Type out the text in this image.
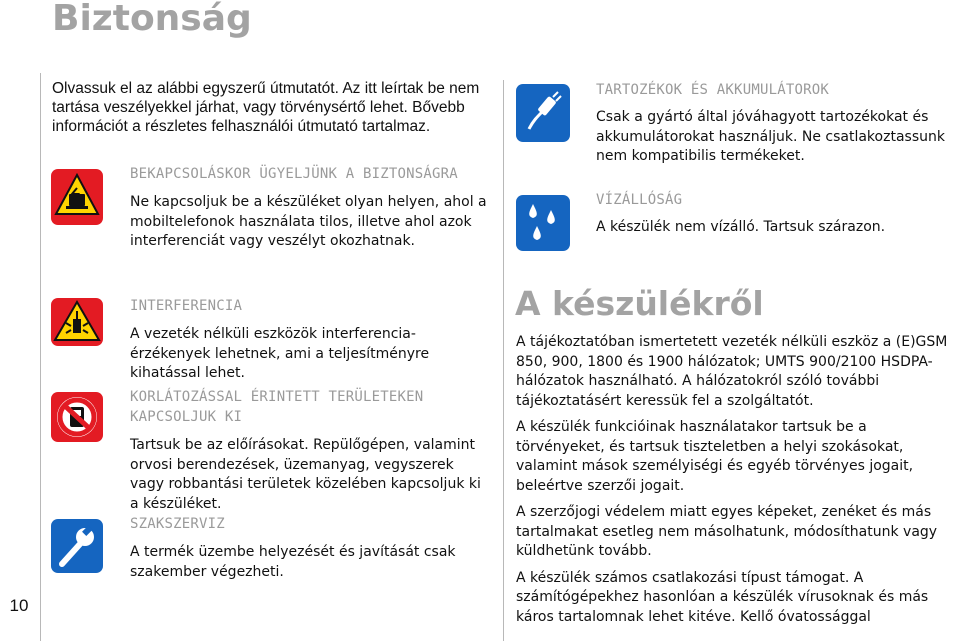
10
Biztonság
Olvassuk el az alábbi egyszerű útmutatót. Az itt leírtak be nem tartása veszélyekkel járhat, vagy törvénysértő lehet. Bővebb információt a részletes felhasználói útmutató tartalmaz.
BEKAPCSOLÁSKOR ÜGYELJÜNK A BIZTONSÁGRA
Ne kapcsoljuk be a készüléket olyan helyen, ahol a mobiltelefonok használata tilos, illetve ahol azok interferenciát vagy veszélyt okozhatnak.
INTERFERENCIA
A vezeték nélküli eszközök interferencia-érzékenyek lehetnek, ami a teljesítményre kihatással lehet.
KORLÁTOZÁSSAL ÉRINTETT TERÜLETEKEN KAPCSOLJUK KI
Tartsuk be az előírásokat. Repülőgépen, valamint orvosi berendezések, üzemanyag, vegyszerek vagy robbantási területek közelében kapcsoljuk ki a készüléket.
SZAKSZERVIZ
A termék üzembe helyezését és javítását csak szakember végezheti.
TARTOZÉKOK ÉS AKKUMULÁTOROK
Csak a gyártó által jóváhagyott tartozékokat és akkumulátorokat használjuk. Ne csatlakoztassunk nem kompatibilis termékeket.
VÍZÁLLÓSÁG
A készülék nem vízálló. Tartsuk szárazon.
A készülékről
A tájékoztatóban ismertetett vezeték nélküli eszköz a (E)GSM 850, 900, 1800 és 1900 hálózatok; UMTS 900/2100 HSDPA-hálózatok használható. A hálózatokról szóló további tájékoztatásért keressük fel a szolgáltatót.
A készülék funkcióinak használatakor tartsuk be a törvényeket, és tartsuk tiszteletben a helyi szokásokat, valamint mások személyiségi és egyéb törvényes jogait, beleértve szerzői jogait.
A szerzőjogi védelem miatt egyes képeket, zenéket és más tartalmakat esetleg nem másolhatunk, módosíthatunk vagy küldhetünk tovább.
A készülék számos csatlakozási típust támogat. A számítógépekhez hasonlóan a készülék vírusoknak és más káros tartalomnak lehet kitéve. Kellő óvatossággal
